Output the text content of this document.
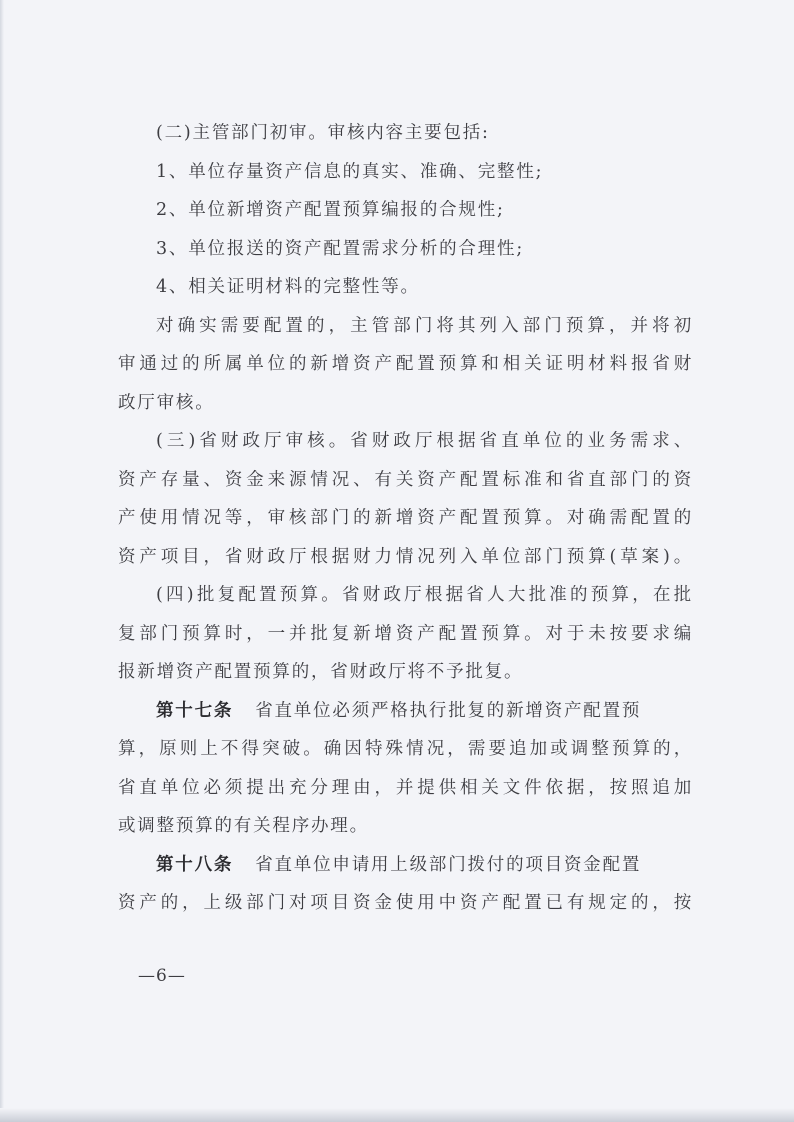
(二)主管部门初审。审核内容主要包括:
1、单位存量资产信息的真实、准确、完整性;
2、单位新增资产配置预算编报的合规性;
3、单位报送的资产配置需求分析的合理性;
4、相关证明材料的完整性等。
对确实需要配置的，主管部门将其列入部门预算，并将初
审通过的所属单位的新增资产配置预算和相关证明材料报省财
政厅审核。
(三)省财政厅审核。省财政厅根据省直单位的业务需求、
资产存量、资金来源情况、有关资产配置标准和省直部门的资
产使用情况等，审核部门的新增资产配置预算。对确需配置的
资产项目，省财政厅根据财力情况列入单位部门预算(草案)。
(四)批复配置预算。省财政厅根据省人大批准的预算，在批
复部门预算时，一并批复新增资产配置预算。对于未按要求编
报新增资产配置预算的，省财政厅将不予批复。
第十七条 省直单位必须严格执行批复的新增资产配置预
算，原则上不得突破。确因特殊情况，需要追加或调整预算的，
省直单位必须提出充分理由，并提供相关文件依据，按照追加
或调整预算的有关程序办理。
第十八条 省直单位申请用上级部门拨付的项目资金配置
资产的，上级部门对项目资金使用中资产配置已有规定的，按
—6—
